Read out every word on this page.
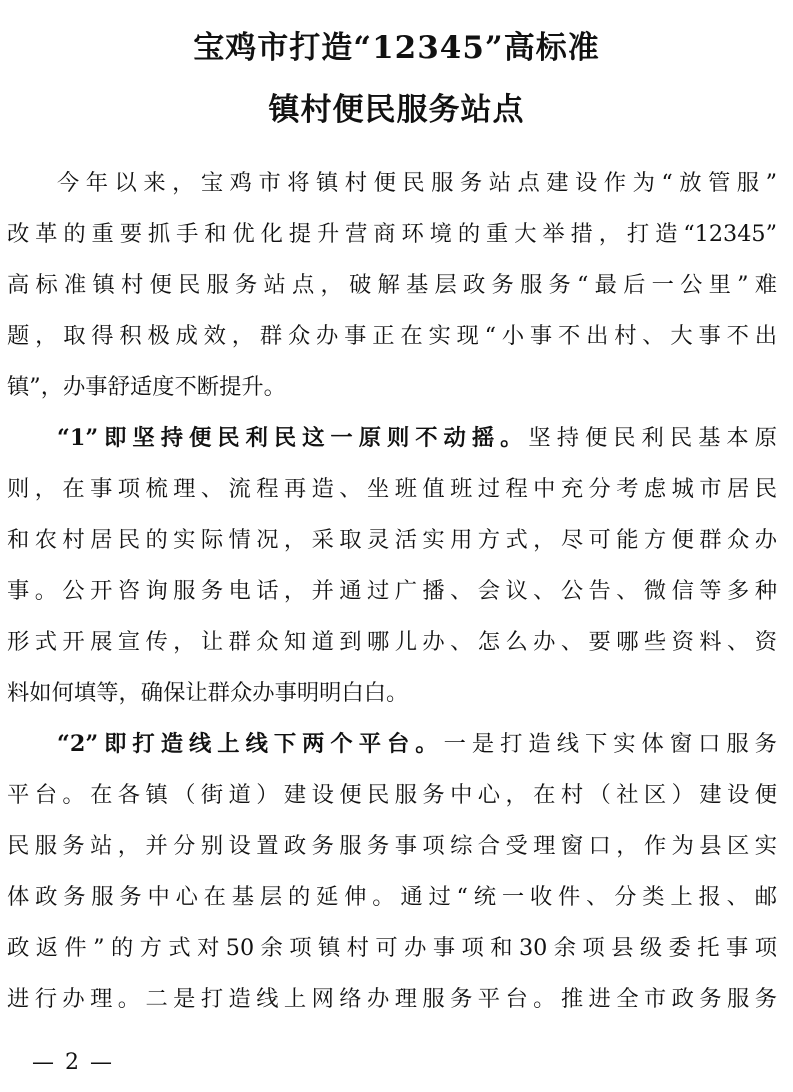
宝鸡市打造“12345”高标准
镇村便民服务站点
今年以来，宝鸡市将镇村便民服务站点建设作为“放管服”
改革的重要抓手和优化提升营商环境的重大举措，打造“12345”
高标准镇村便民服务站点，破解基层政务服务“最后一公里”难
题，取得积极成效，群众办事正在实现“小事不出村、大事不出
镇”，办事舒适度不断提升。
“1”即坚持便民利民这一原则不动摇。坚持便民利民基本原
则，在事项梳理、流程再造、坐班值班过程中充分考虑城市居民
和农村居民的实际情况，采取灵活实用方式，尽可能方便群众办
事。公开咨询服务电话，并通过广播、会议、公告、微信等多种
形式开展宣传，让群众知道到哪儿办、怎么办、要哪些资料、资
料如何填等，确保让群众办事明明白白。
“2”即打造线上线下两个平台。一是打造线下实体窗口服务
平台。在各镇（街道）建设便民服务中心，在村（社区）建设便
民服务站，并分别设置政务服务事项综合受理窗口，作为县区实
体政务服务中心在基层的延伸。通过“统一收件、分类上报、邮
政返件”的方式对50余项镇村可办事项和30余项县级委托事项
进行办理。二是打造线上网络办理服务平台。推进全市政务服务
— 2 —
